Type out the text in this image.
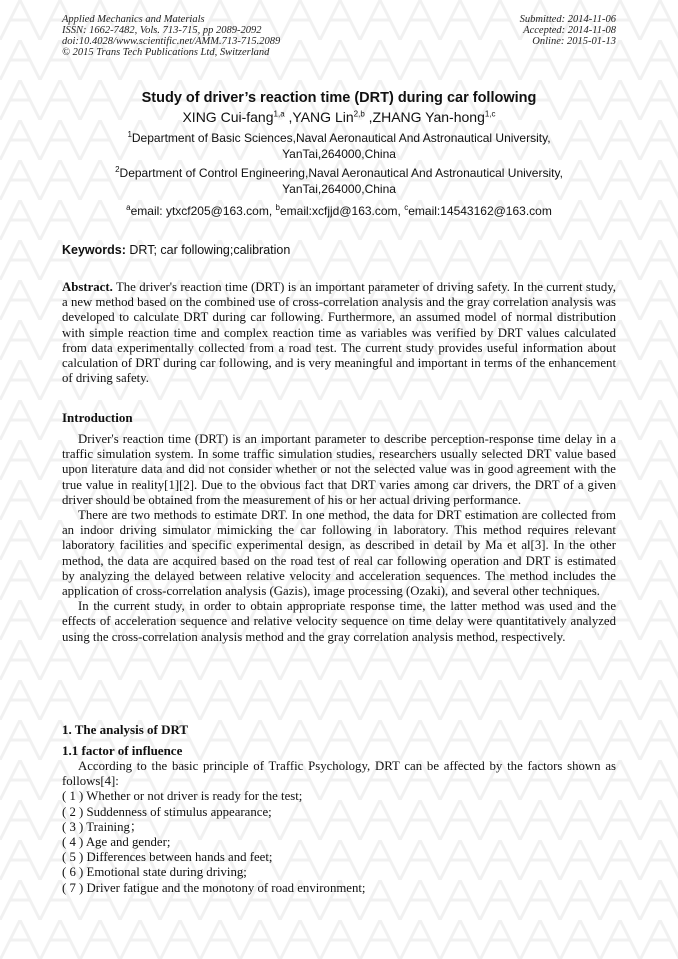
Applied Mechanics and Materials
ISSN: 1662-7482, Vols. 713-715, pp 2089-2092
doi:10.4028/www.scientific.net/AMM.713-715.2089
© 2015 Trans Tech Publications Ltd, Switzerland
Submitted: 2014-11-06
Accepted: 2014-11-08
Online: 2015-01-13
Study of driver’s reaction time (DRT) during car following

XING Cui-fang$^{1,a}$ ,YANG Lin$^{2,b}$ ,ZHANG Yan-hong$^{1,c}$

$^1$Department of Basic Sciences,Naval Aeronautical And Astronautical University,
YanTai,264000,China

$^2$Department of Control Engineering,Naval Aeronautical And Astronautical University,
YanTai,264000,China

$^a$email: ytxcf205@163.com, $^b$email:xcfjjd@163.com, $^c$email:14543162@163.com

Keywords: DRT; car following;calibration
Abstract. The driver's reaction time (DRT) is an important parameter of driving safety. In the current study, a new method based on the combined use of cross-correlation analysis and the gray correlation analysis was developed to calculate DRT during car following. Furthermore, an assumed model of normal distribution with simple reaction time and complex reaction time as variables was verified by DRT values calculated from data experimentally collected from a road test. The current study provides useful information about calculation of DRT during car following, and is very meaningful and important in terms of the enhancement of driving safety.
Introduction

Driver's reaction time (DRT) is an important parameter to describe perception-response time delay in a traffic simulation system. In some traffic simulation studies, researchers usually selected DRT value based upon literature data and did not consider whether or not the selected value was in good agreement with the true value in reality[1][2]. Due to the obvious fact that DRT varies among car drivers, the DRT of a given driver should be obtained from the measurement of his or her actual driving performance.

There are two methods to estimate DRT. In one method, the data for DRT estimation are collected from an indoor driving simulator mimicking the car following in laboratory. This method requires relevant laboratory facilities and specific experimental design, as described in detail by Ma et al[3]. In the other method, the data are acquired based on the road test of real car following operation and DRT is estimated by analyzing the delayed between relative velocity and acceleration sequences. The method includes the application of cross-correlation analysis (Gazis), image processing (Ozaki), and several other techniques.

In the current study, in order to obtain appropriate response time, the latter method was used and the effects of acceleration sequence and relative velocity sequence on time delay were quantitatively analyzed using the cross-correlation analysis method and the gray correlation analysis method, respectively.

1. The analysis of DRT
1.1 factor of influence

According to the basic principle of Traffic Psychology, DRT can be affected by the factors shown as follows[4]:

( 1 ) Whether or not driver is ready for the test;
( 2 ) Suddenness of stimulus appearance;
( 3 ) Training；
( 4 ) Age and gender;
( 5 ) Differences between hands and feet;
( 6 ) Emotional state during driving;
( 7 ) Driver fatigue and the monotony of road environment;
